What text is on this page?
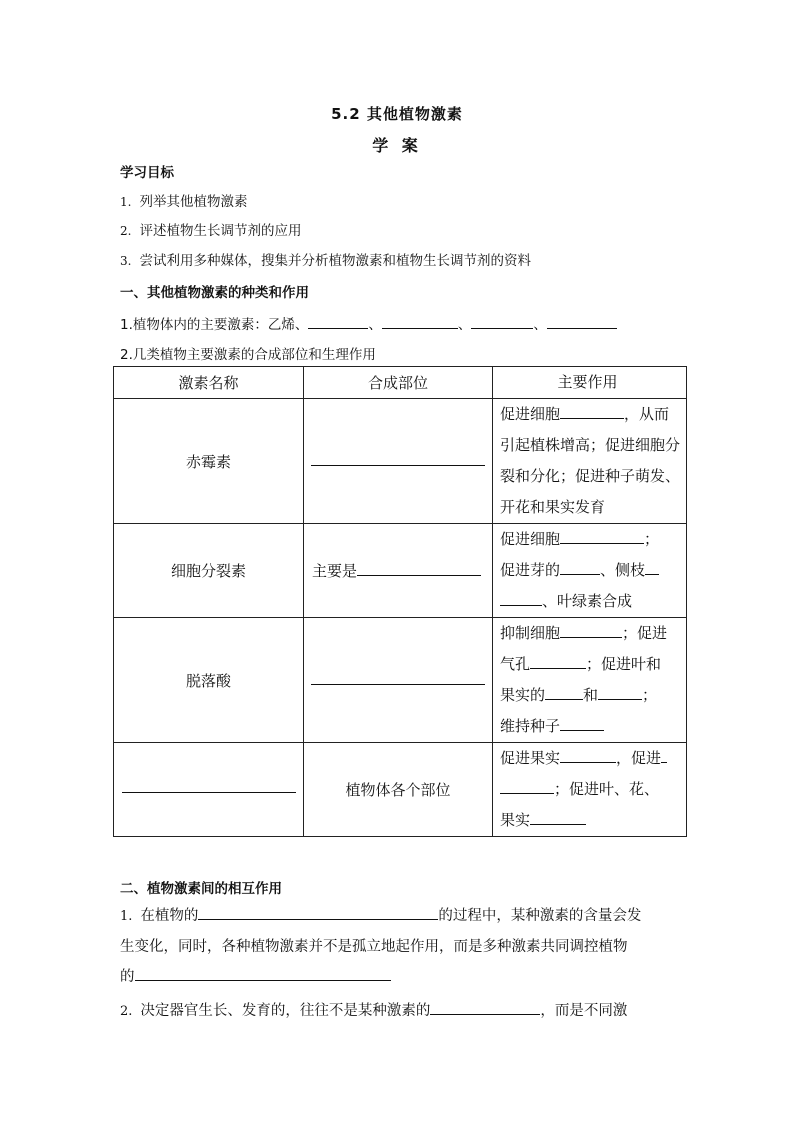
5.2 其他植物激素
学 案
学习目标
1. 列举其他植物激素
2. 评述植物生长调节剂的应用
3. 尝试利用多种媒体，搜集并分析植物激素和植物生长调节剂的资料
一、其他植物激素的种类和作用
1.植物体内的主要激素：乙烯、	、	、	、
2.几类植物主要激素的合成部位和生理作用
激素名称	合成部位	主要作用
赤霉素		促进细胞 ，从而引起植株增高；促进细胞分裂和分化；促进种子萌发、开花和果实发育
细胞分裂素	主要是	促进细胞 ；
促进芽的 、侧枝
、叶绿素合成
脱落酸		抑制细胞 ；促进
气孔 ；促进叶和
果实的 和 ；
维持种子

	植物体各个部位	促进果实 ，促进
；促进叶、花、
果实
二、植物激素间的相互作用
1. 在植物的	的过程中，某种激素的含量会发
生变化，同时，各种植物激素并不是孤立地起作用，而是多种激素共同调控植物
的
2. 决定器官生长、发育的，往往不是某种激素的	，而是不同激
